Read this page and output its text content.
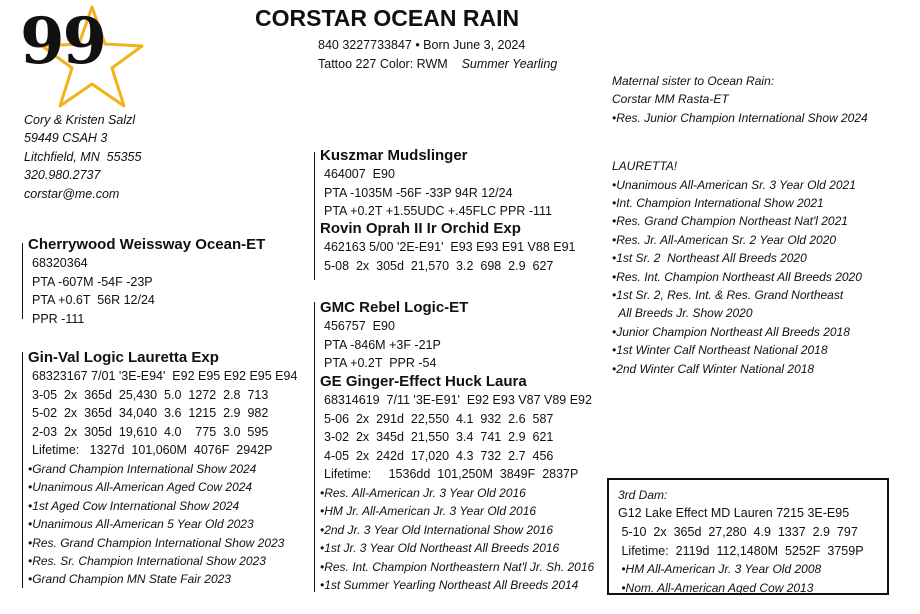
99	CORSTAR OCEAN RAIN
840 3227733847 • Born June 3, 2024
Tattoo 227 Color: RWM Summer Yearling
Cory & Kristen Salzl
59449 CSAH 3
Litchfield, MN  55355
320.980.2737
corstar@me.com
Cherrywood Weissway Ocean-ET
68320364
PTA -607M -54F -23P
PTA +0.6T  56R 12/24
PPR -111
Gin-Val Logic Lauretta Exp
68323167 7/01 '3E-E94'  E92 E95 E92 E95 E94
3-05  2x  365d  25,430  5.0  1272  2.8  713
5-02  2x  365d  34,040  3.6  1215  2.9  982
2-03  2x  305d  19,610  4.0    775  3.0  595
Lifetime:   1327d  101,060M  4076F  2942P
•Grand Champion International Show 2024
•Unanimous All-American Aged Cow 2024
•1st Aged Cow International Show 2024
•Unanimous All-American 5 Year Old 2023
•Res. Grand Champion International Show 2023
•Res. Sr. Champion International Show 2023
•Grand Champion MN State Fair 2023
Kuszmar Mudslinger
464007  E90
PTA -1035M -56F -33P 94R 12/24
PTA +0.2T +1.55UDC +.45FLC PPR -111
Rovin Oprah II Ir Orchid Exp
462163 5/00 '2E-E91'  E93 E93 E91 V88 E91
5-08  2x  305d  21,570  3.2  698  2.9  627
GMC Rebel Logic-ET
456757  E90
PTA -846M +3F -21P
PTA +0.2T  PPR -54
GE Ginger-Effect Huck Laura
68314619  7/11 '3E-E91'  E92 E93 V87 V89 E92
5-06  2x  291d  22,550  4.1  932  2.6  587
3-02  2x  345d  21,550  3.4  741  2.9  621
4-05  2x  242d  17,020  4.3  732  2.7  456
Lifetime:     1536dd  101,250M  3849F  2837P
•Res. All-American Jr. 3 Year Old 2016
•HM Jr. All-American Jr. 3 Year Old 2016
•2nd Jr. 3 Year Old International Show 2016
•1st Jr. 3 Year Old Northeast All Breeds 2016
•Res. Int. Champion Northeastern Nat'l Jr. Sh. 2016
•1st Summer Yearling Northeast All Breeds 2014
Maternal sister to Ocean Rain:
Corstar MM Rasta-ET
•Res. Junior Champion International Show 2024
LAURETTA!
•Unanimous All-American Sr. 3 Year Old 2021
•Int. Champion International Show 2021
•Res. Grand Champion Northeast Nat'l 2021
•Res. Jr. All-American Sr. 2 Year Old 2020
•1st Sr. 2  Northeast All Breeds 2020
•Res. Int. Champion Northeast All Breeds 2020
•1st Sr. 2, Res. Int. & Res. Grand Northeast
All Breeds Jr. Show 2020
•Junior Champion Northeast All Breeds 2018
•1st Winter Calf Northeast National 2018
•2nd Winter Calf Winter National 2018
3rd Dam:
G12 Lake Effect MD Lauren 7215 3E-E95
5-10  2x  365d  27,280  4.9  1337  2.9  797
Lifetime:  2119d  112,1480M  5252F  3759P
•HM All-American Jr. 3 Year Old 2008
•Nom. All-American Aged Cow 2013
